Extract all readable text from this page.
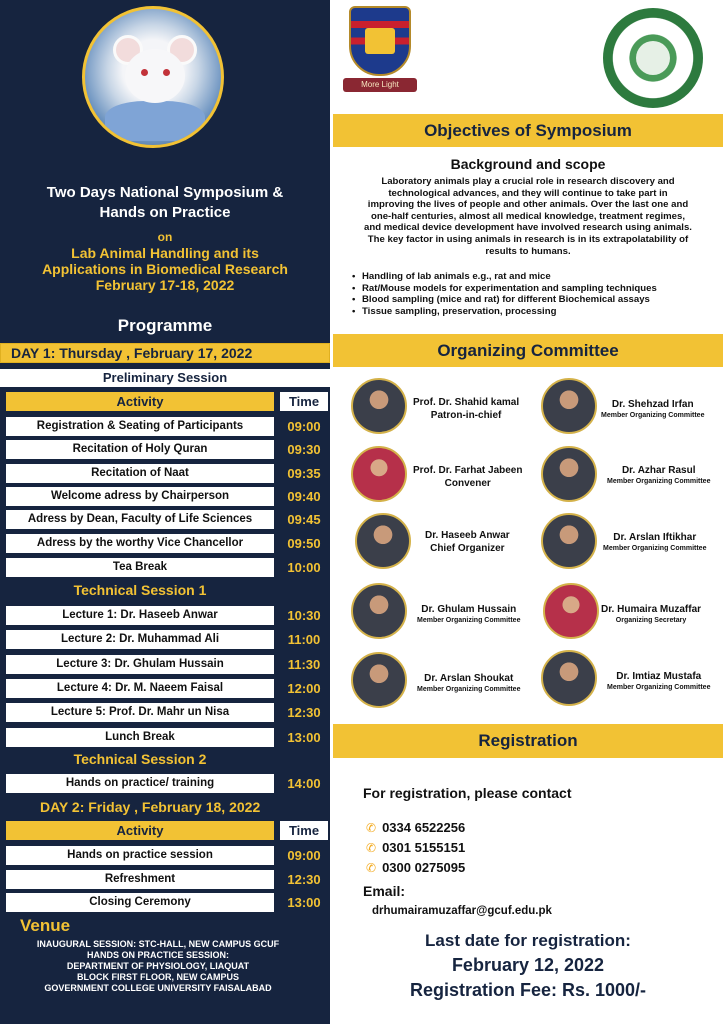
Two Days National Symposium &
Hands on Practice
on
Lab Animal Handling and its
Applications in Biomedical Research
February 17-18, 2022
Programme
DAY 1: Thursday , February 17, 2022
Preliminary Session
Activity	Time
Registration & Seating of Participants	09:00
Recitation of Holy Quran	09:30
Recitation of Naat	09:35
Welcome adress by Chairperson	09:40
Adress by Dean, Faculty of Life Sciences	09:45
Adress by the worthy Vice Chancellor	09:50
Tea Break	10:00
Technical Session 1
Lecture 1: Dr. Haseeb Anwar	10:30
Lecture 2: Dr. Muhammad Ali	11:00
Lecture 3: Dr. Ghulam Hussain	11:30
Lecture 4: Dr. M. Naeem Faisal	12:00
Lecture 5: Prof. Dr. Mahr un Nisa	12:30
Lunch Break	13:00
Technical Session 2
Hands on practice/ training	14:00
DAY 2: Friday , February 18, 2022
Activity	Time
Hands on practice session	09:00
Refreshment	12:30
Closing Ceremony	13:00
Venue
INAUGURAL SESSION: STC-HALL, NEW CAMPUS GCUF
HANDS ON PRACTICE SESSION:
DEPARTMENT OF PHYSIOLOGY, LIAQUAT
BLOCK FIRST FLOOR, NEW CAMPUS
GOVERNMENT COLLEGE UNIVERSITY FAISALABAD
More Light
Objectives of Symposium
Background and scope
Laboratory animals play a crucial role in research discovery and
technological advances, and they will continue to take part in
improving the lives of people and other animals. Over the last one and
one-half centuries, almost all medical knowledge, treatment regimes,
and medical device development have involved research using animals.
The key factor in using animals in research is in its extrapolatability of
results to humans.
• Handling of lab animals e.g., rat and mice
• Rat/Mouse models for experimentation and sampling techniques
• Blood sampling (mice and rat) for different Biochemical assays
• Tissue sampling, preservation, processing
Organizing Committee
Prof. Dr. Shahid kamal
Patron-in-chief
Dr. Shehzad Irfan
Member Organizing Committee
Prof. Dr. Farhat Jabeen
Convener
Dr. Azhar Rasul
Member Organizing Committee
Dr. Haseeb Anwar
Chief Organizer
Dr. Arslan Iftikhar
Member Organizing Committee
Dr. Ghulam Hussain
Member Organizing Committee
Dr. Humaira Muzaffar
Organizing Secretary
Dr. Arslan Shoukat
Member Organizing Committee
Dr. Imtiaz Mustafa
Member Organizing Committee
Registration
For registration, please contact
✆ 0334 6522256
✆ 0301 5155151
✆ 0300 0275095
Email:
drhumairamuzaffar@gcuf.edu.pk
Last date for registration:
February 12, 2022
Registration Fee: Rs. 1000/-
